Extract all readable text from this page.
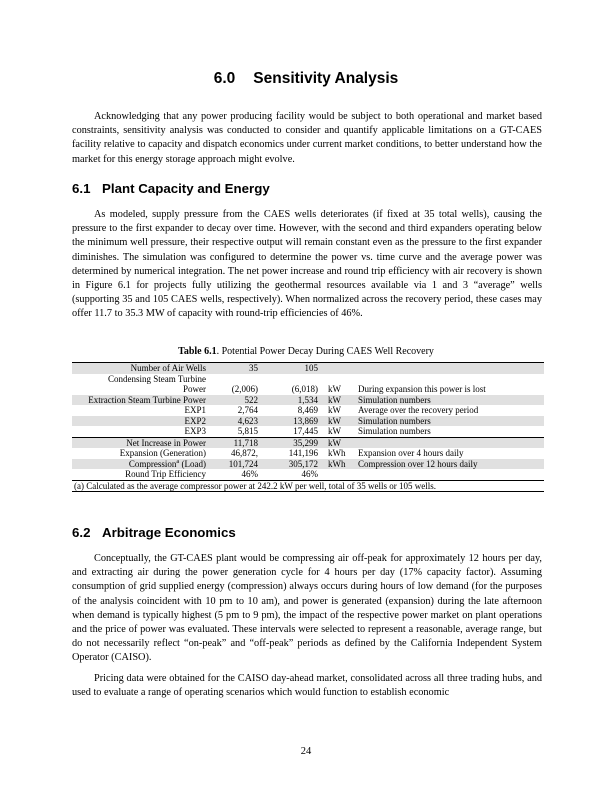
6.0 Sensitivity Analysis

Acknowledging that any power producing facility would be subject to both operational and market based constraints, sensitivity analysis was conducted to consider and quantify applicable limitations on a GT-CAES facility relative to capacity and dispatch economics under current market conditions, to better understand how the market for this energy storage approach might evolve.

6.1 Plant Capacity and Energy

As modeled, supply pressure from the CAES wells deteriorates (if fixed at 35 total wells), causing the pressure to the first expander to decay over time. However, with the second and third expanders operating below the minimum well pressure, their respective output will remain constant even as the pressure to the first expander diminishes. The simulation was configured to determine the power vs. time curve and the average power was determined by numerical integration. The net power increase and round trip efficiency with air recovery is shown in Figure 6.1 for projects fully utilizing the geothermal resources available via 1 and 3 “average” wells (supporting 35 and 105 CAES wells, respectively). When normalized across the recovery period, these cases may offer 11.7 to 35.3 MW of capacity with round-trip efficiencies of 46%.

Table 6.1. Potential Power Decay During CAES Well Recovery
Number of Air Wells	35	105		
Condensing Steam Turbine				
Power	(2,006)	(6,018)	kW	During expansion this power is lost
Extraction Steam Turbine Power	522	1,534	kW	Simulation numbers
EXP1	2,764	8,469	kW	Average over the recovery period
EXP2	4,623	13,869	kW	Simulation numbers
EXP3	5,815	17,445	kW	Simulation numbers
Net Increase in Power	11,718	35,299	kW	
Expansion (Generation)	46,872,	141,196	kWh	Expansion over 4 hours daily
Compression$^a$ (Load)	101,724	305,172	kWh	Compression over 12 hours daily
Round Trip Efficiency	46%	46%		
(a) Calculated as the average compressor power at 242.2 kW per well, total of 35 wells or 105 wells.				
6.2 Arbitrage Economics

Conceptually, the GT-CAES plant would be compressing air off-peak for approximately 12 hours per day, and extracting air during the power generation cycle for 4 hours per day (17% capacity factor). Assuming consumption of grid supplied energy (compression) always occurs during hours of low demand (for the purposes of the analysis coincident with 10 pm to 10 am), and power is generated (expansion) during the late afternoon when demand is typically highest (5 pm to 9 pm), the impact of the respective power market on plant operations and the price of power was evaluated. These intervals were selected to represent a reasonable, average range, but do not necessarily reflect “on-peak” and “off-peak” periods as defined by the California Independent System Operator (CAISO).

Pricing data were obtained for the CAISO day-ahead market, consolidated across all three trading hubs, and used to evaluate a range of operating scenarios which would function to establish economic

24
